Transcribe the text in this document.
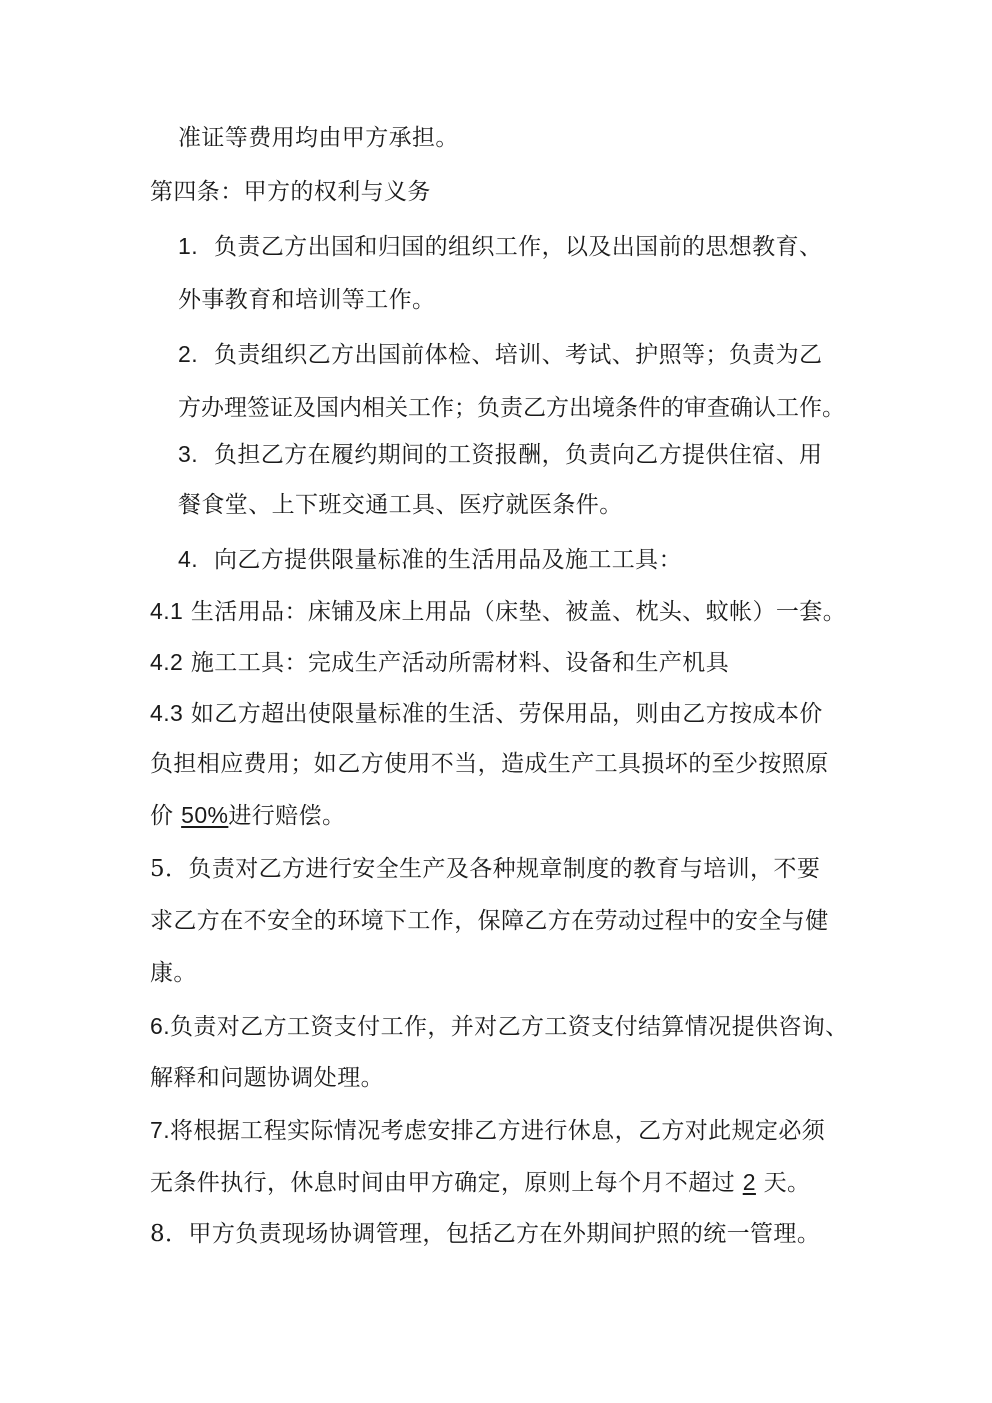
准证等费用均由甲方承担。
第四条：甲方的权利与义务
1. 负责乙方出国和归国的组织工作，以及出国前的思想教育、
外事教育和培训等工作。
2. 负责组织乙方出国前体检、培训、考试、护照等；负责为乙
方办理签证及国内相关工作；负责乙方出境条件的审查确认工作。
3. 负担乙方在履约期间的工资报酬，负责向乙方提供住宿、用
餐食堂、上下班交通工具、医疗就医条件。
4. 向乙方提供限量标准的生活用品及施工工具：
4.1 生活用品：床铺及床上用品（床垫、被盖、枕头、蚊帐）一套。
4.2 施工工具：完成生产活动所需材料、设备和生产机具
4.3 如乙方超出使限量标准的生活、劳保用品，则由乙方按成本价
负担相应费用；如乙方使用不当，造成生产工具损坏的至少按照原
价 50%进行赔偿。
5．负责对乙方进行安全生产及各种规章制度的教育与培训，不要
求乙方在不安全的环境下工作，保障乙方在劳动过程中的安全与健
康。
6.负责对乙方工资支付工作，并对乙方工资支付结算情况提供咨询、
解释和问题协调处理。
7.将根据工程实际情况考虑安排乙方进行休息，乙方对此规定必须
无条件执行，休息时间由甲方确定，原则上每个月不超过 2 天。
8．甲方负责现场协调管理，包括乙方在外期间护照的统一管理。
